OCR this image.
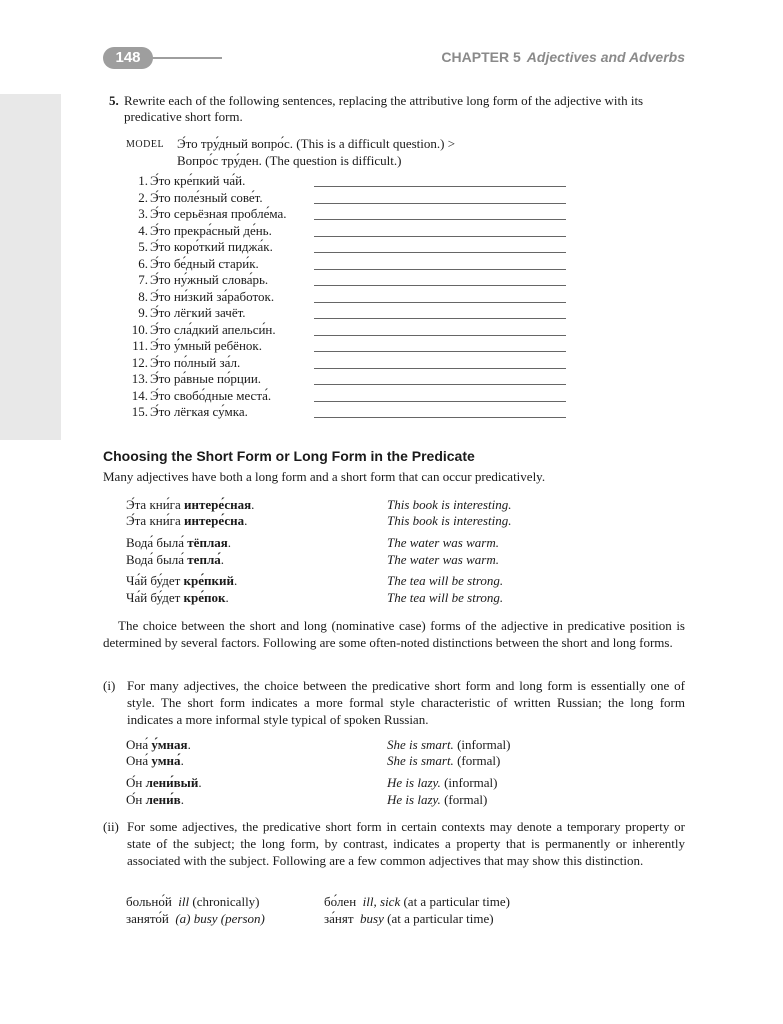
148	CHAPTER 5 Adjectives and Adverbs
5. Rewrite each of the following sentences, replacing the attributive long form of the adjective with its predicative short form.
MODEL Э́то тру́дный вопро́с. (This is a difficult question.) >
Вопро́с тру́ден. (The question is difficult.)
1. Э́то кре́пкий ча́й.
2. Э́то поле́зный сове́т.
3. Э́то серьёзная пробле́ма.
4. Э́то прекра́сный де́нь.
5. Э́то коро́ткий пиджа́к.
6. Э́то бе́дный стари́к.
7. Э́то ну́жный слова́рь.
8. Э́то ни́зкий за́работок.
9. Э́то лёгкий зачёт.
10. Э́то сла́дкий апельси́н.
11. Э́то у́мный ребёнок.
12. Э́то по́лный за́л.
13. Э́то ра́вные по́рции.
14. Э́то свобо́дные места́.
15. Э́то лёгкая су́мка.
Choosing the Short Form or Long Form in the Predicate
Many adjectives have both a long form and a short form that can occur predicatively.
Э́та кни́га интере́сная.	This book is interesting.
Э́та кни́га интере́сна.	This book is interesting.
Вода́ была́ тёплая.	The water was warm.
Вода́ была́ тепла́.	The water was warm.
Ча́й бу́дет кре́пкий.	The tea will be strong.
Ча́й бу́дет кре́пок.	The tea will be strong.
The choice between the short and long (nominative case) forms of the adjective in predicative position is determined by several factors. Following are some often-noted distinctions between the short and long forms.
(i) For many adjectives, the choice between the predicative short form and long form is essentially one of style. The short form indicates a more formal style characteristic of written Russian; the long form indicates a more informal style typical of spoken Russian.
Она́ у́мная.	She is smart. (informal)
Она́ умна́.	She is smart. (formal)
О́н лени́вый.	He is lazy. (informal)
О́н лени́в.	He is lazy. (formal)
(ii) For some adjectives, the predicative short form in certain contexts may denote a temporary property or state of the subject; the long form, by contrast, indicates a property that is permanently or inherently associated with the subject. Following are a few common adjectives that may show this distinction.
больно́й ill (chronically)	бо́лен ill, sick (at a particular time)
занято́й (a) busy (person)	за́нят busy (at a particular time)
